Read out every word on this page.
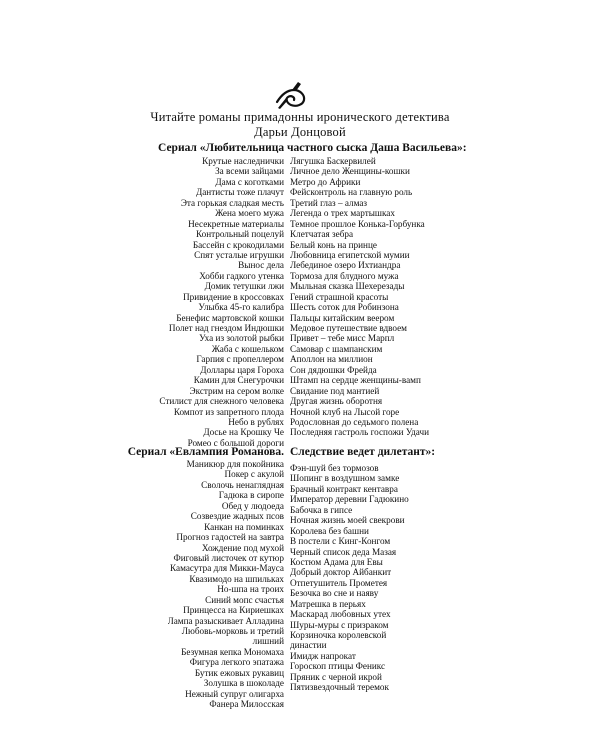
Читайте романы примадонны иронического детектива
Дарьи Донцовой
Сериал «Любительница частного сыска Даша Васильева»:
Крутые наследнички
За всеми зайцами
Дама с коготками
Дантисты тоже плачут
Эта горькая сладкая месть
Жена моего мужа
Несекретные материалы
Контрольный поцелуй
Бассейн с крокодилами
Спят усталые игрушки
Вынос дела
Хобби гадкого утенка
Домик тетушки лжи
Привидение в кроссовках
Улыбка 45-го калибра
Бенефис мартовской кошки
Полет над гнездом Индюшки
Уха из золотой рыбки
Жаба с кошельком
Гарпия с пропеллером
Доллары царя Гороха
Камин для Снегурочки
Экстрим на сером волке
Стилист для снежного человека
Компот из запретного плода
Небо в рублях
Досье на Крошку Че
Ромео с большой дороги
Лягушка Баскервилей
Личное дело Женщины-кошки
Метро до Африки
Фейсконтроль на главную роль
Третий глаз – алмаз
Легенда о трех мартышках
Темное прошлое Конька-Горбунка
Клетчатая зебра
Белый конь на принце
Любовница египетской мумии
Лебединое озеро Ихтиандра
Тормоза для блудного мужа
Мыльная сказка Шехерезады
Гений страшной красоты
Шесть соток для Робинзона
Пальцы китайским веером
Медовое путешествие вдвоем
Привет – тебе мисс Марпл
Самовар с шампанским
Аполлон на миллион
Сон дядюшки Фрейда
Штамп на сердце женщины-вамп
Свидание под мантией
Другая жизнь оборотня
Ночной клуб на Лысой горе
Родословная до седьмого полена
Последняя гастроль госпожи Удачи
Сериал «Евлампия Романова. Следствие ведет дилетант»:
Маникюр для покойника
Покер с акулой
Сволочь ненаглядная
Гадюка в сиропе
Обед у людоеда
Созвездие жадных псов
Канкан на поминках
Прогноз гадостей на завтра
Хождение под мухой
Фиговый листочек от кутюр
Камасутра для Микки-Мауса
Квазимодо на шпильках
Но-шпа на троих
Синий мопс счастья
Принцесса на Кириешках
Лампа разыскивает Алладина
Любовь-морковь и третий
лишний
Безумная кепка Мономаха
Фигура легкого эпатажа
Бутик ежовых рукавиц
Золушка в шоколаде
Нежный супруг олигарха
Фанера Милосская
Фэн-шуй без тормозов
Шопинг в воздушном замке
Брачный контракт кентавра
Император деревни Гадюкино
Бабочка в гипсе
Ночная жизнь моей свекрови
Королева без башни
В постели с Кинг-Конгом
Черный список деда Мазая
Костюм Адама для Евы
Добрый доктор Айбанкит
Отпетушитель Прометея
Безочка во сне и наяву
Матрешка в перьях
Маскарад любовных утех
Шуры-муры с призраком
Корзиночка королевской
династии
Имидж напрокат
Гороскоп птицы Феникс
Пряник с черной икрой
Пятизвездочный теремок
